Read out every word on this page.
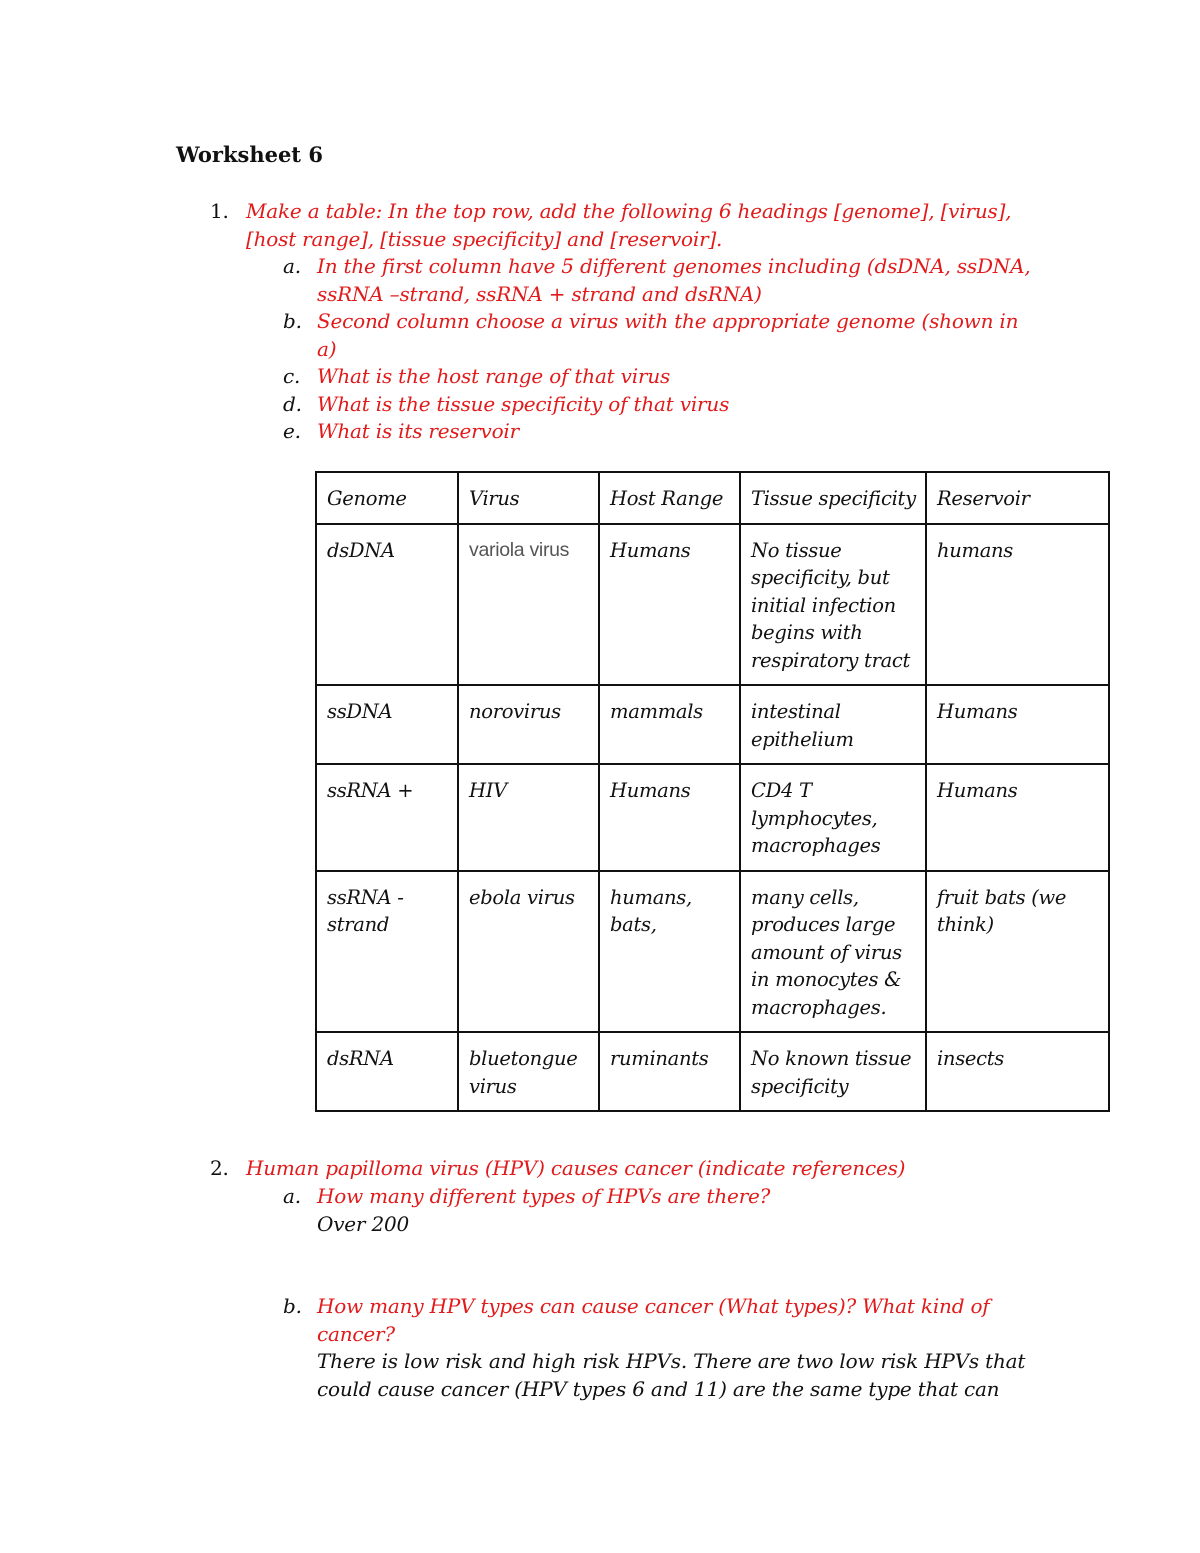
Worksheet 6
1. Make a table: In the top row, add the following 6 headings [genome], [virus],
[host range], [tissue specificity] and [reservoir].
a. In the first column have 5 different genomes including (dsDNA, ssDNA,
ssRNA –strand, ssRNA + strand and dsRNA)
b. Second column choose a virus with the appropriate genome (shown in
a)
c. What is the host range of that virus
d. What is the tissue specificity of that virus
e. What is its reservoir
Genome	Virus	Host Range	Tissue specificity	Reservoir
dsDNA	variola virus	Humans	No tissue specificity, but initial infection begins with respiratory tract	humans
ssDNA	norovirus	mammals	intestinal epithelium	Humans
ssRNA +	HIV	Humans	CD4 T lymphocytes, macrophages	Humans
ssRNA - strand	ebola virus	humans, bats,	many cells, produces large amount of virus in monocytes & macrophages.	fruit bats (we think)
dsRNA	bluetongue virus	ruminants	No known tissue specificity	insects
2. Human papilloma virus (HPV) causes cancer (indicate references)
a. How many different types of HPVs are there?
Over 200
b. How many HPV types can cause cancer (What types)? What kind of
cancer?
There is low risk and high risk HPVs. There are two low risk HPVs that
could cause cancer (HPV types 6 and 11) are the same type that can
